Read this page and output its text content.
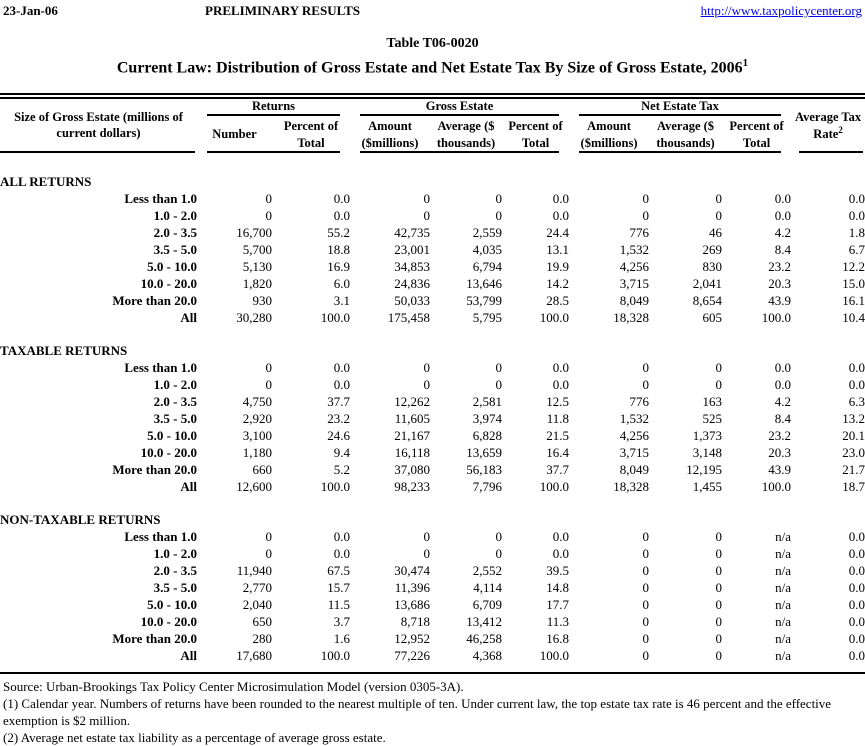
23-Jan-06	PRELIMINARY RESULTS	http://www.taxpolicycenter.org
Table T06-0020
Current Law: Distribution of Gross Estate and Net Estate Tax By Size of Gross Estate, 2006$^1$
Size of Gross Estate (millions of current dollars)	Returns		Gross Estate			Net Estate Tax			Average Tax Rate$^2$

	Number	Percent of Total	Amount ($millions)	Average ($ thousands)	Percent of Total	Amount ($millions)	Average ($ thousands)	Percent of Total	

ALL RETURNS									
Less than 1.0	0	0.0	0	0	0.0	0	0	0.0	0.0
1.0 - 2.0	0	0.0	0	0	0.0	0	0	0.0	0.0
2.0 - 3.5	16,700	55.2	42,735	2,559	24.4	776	46	4.2	1.8
3.5 - 5.0	5,700	18.8	23,001	4,035	13.1	1,532	269	8.4	6.7
5.0 - 10.0	5,130	16.9	34,853	6,794	19.9	4,256	830	23.2	12.2
10.0 - 20.0	1,820	6.0	24,836	13,646	14.2	3,715	2,041	20.3	15.0
More than 20.0	930	3.1	50,033	53,799	28.5	8,049	8,654	43.9	16.1
All	30,280	100.0	175,458	5,795	100.0	18,328	605	100.0	10.4

TAXABLE RETURNS									
Less than 1.0	0	0.0	0	0	0.0	0	0	0.0	0.0
1.0 - 2.0	0	0.0	0	0	0.0	0	0	0.0	0.0
2.0 - 3.5	4,750	37.7	12,262	2,581	12.5	776	163	4.2	6.3
3.5 - 5.0	2,920	23.2	11,605	3,974	11.8	1,532	525	8.4	13.2
5.0 - 10.0	3,100	24.6	21,167	6,828	21.5	4,256	1,373	23.2	20.1
10.0 - 20.0	1,180	9.4	16,118	13,659	16.4	3,715	3,148	20.3	23.0
More than 20.0	660	5.2	37,080	56,183	37.7	8,049	12,195	43.9	21.7
All	12,600	100.0	98,233	7,796	100.0	18,328	1,455	100.0	18.7

NON-TAXABLE RETURNS									
Less than 1.0	0	0.0	0	0	0.0	0	0	n/a	0.0
1.0 - 2.0	0	0.0	0	0	0.0	0	0	n/a	0.0
2.0 - 3.5	11,940	67.5	30,474	2,552	39.5	0	0	n/a	0.0
3.5 - 5.0	2,770	15.7	11,396	4,114	14.8	0	0	n/a	0.0
5.0 - 10.0	2,040	11.5	13,686	6,709	17.7	0	0	n/a	0.0
10.0 - 20.0	650	3.7	8,718	13,412	11.3	0	0	n/a	0.0
More than 20.0	280	1.6	12,952	46,258	16.8	0	0	n/a	0.0
All	17,680	100.0	77,226	4,368	100.0	0	0	n/a	0.0

Source: Urban-Brookings Tax Policy Center Microsimulation Model (version 0305-3A).

(1) Calendar year. Numbers of returns have been rounded to the nearest multiple of ten. Under current law, the top estate tax rate is 46 percent and the effective exemption is $2 million.

(2) Average net estate tax liability as a percentage of average gross estate.
